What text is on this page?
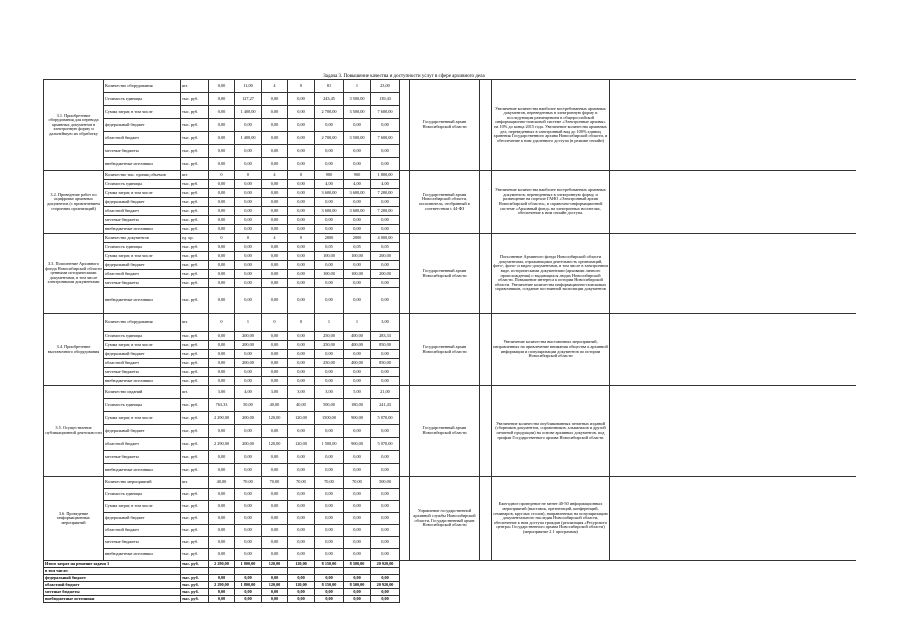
Задача 3. Повышение качества и доступности услуг в сфере архивного дела
3.1. Приобретение оборудования для перевода архивных документов в электронную форму и дальнейшую их обработку	Количество оборудования	шт.	0,00	11,00	4	0	81	1	23,00		Государственный архив Новосибирской области		Увеличение количества наиболее востребованных архивных документов, переведенных в электронную форму и последующим размещением в общероссийской информационно-поисковой системе «Электронные архивы» на 10% до конца 2015 года. Увеличение количества архивных дел, переведенных в электронный вид до 100% единиц хранения Государственного архива Новосибирской области, и обеспечение к ним удаленного доступа (в режиме онлайн)	
	Стоимость единицы	тыс. руб.	0,00	127,27	0,00	0,00	243,45	3 500,00	139,43					
	Сумма затрат, в том числе	тыс. руб.	0,00	1 400,00	0,00	0,00	2 700,00	3 500,00	7 600,00					
	федеральный бюджет	тыс. руб.	0,00	0,00	0,00	0,00	0,00	0,00	0,00					
	областной бюджет	тыс. руб.	0,00	1 400,00	0,00	0,00	2 700,00	3 500,00	7 600,00					
	местные бюджеты	тыс. руб.	0,00	0,00	0,00	0,00	0,00	0,00	0,00					
	внебюджетные источники	тыс. руб.	0,00	0,00	0,00	0,00	0,00	0,00	0,00					
3.2. Проведение работ по оцифровке архивных документов (с привлечением сторонних организаций)	Количество тыс. единиц объемов	шт.	0	0	4	0	900	900	1 800,00		Государственный архив Новосибирской области, исполнитель, отобранный в соответствии с 44-ФЗ		Увеличение количества наиболее востребованных архивных документов, переведенных в электронную форму, и размещение на портале ГАНО «Электронный архив Новосибирской области», в справочно-информационной системе «Архивный фонд» на электронных носителях, обеспечение к ним онлайн доступа.	
	Стоимость единицы	тыс. руб.	0,00	0,00	0,00	0,00	4,00	4,00	4,00					
	Сумма затрат, в том числе	тыс. руб.	0,00	0,00	0,00	0,00	3 600,00	3 600,00	7 200,00					
	федеральный бюджет	тыс. руб.	0,00	0,00	0,00	0,00	0,00	0,00	0,00					
	областной бюджет	тыс. руб.	0,00	0,00	0,00	0,00	3 600,00	3 600,00	7 200,00					
	местные бюджеты	тыс. руб.	0,00	0,00	0,00	0,00	0,00	0,00	0,00					
	внебюджетные источники	тыс. руб.	0,00	0,00	0,00	0,00	0,00	0,00	0,00					
3.3. Пополнение Архивного фонда Новосибирской области ценными историческими документами, в том числе электронными документами	Количество документов	ед. хр.	0	0	4	0	2000	2000	4 000,00		Государственный архив Новосибирской области		Пополнение Архивного фонда Новосибирской области документами, отражающими деятельность организаций, фото-, фоно- и видео-документами, в том числе в электронном виде, историческими документами (архивами личного происхождения) о выдающихся людях Новосибирской области. Повышение интереса к истории Новосибирской области. Увеличение количества информационно-поисковых справочников, создание постоянной экспозиции документов	
	Стоимость единицы	тыс. руб.	0,00	0,00	0,00	0,00	0,05	0,05	0,05					
	Сумма затрат, в том числе	тыс. руб.	0,00	0,00	0,00	0,00	100,00	100,00	200,00					
	федеральный бюджет	тыс. руб.	0,00	0,00	0,00	0,00	0,00	0,00	0,00					
	областной бюджет	тыс. руб.	0,00	0,00	0,00	0,00	100,00	100,00	200,00					
	местные бюджеты	тыс. руб.	0,00	0,00	0,00	0,00	0,00	0,00	0,00					
	внебюджетные источники	тыс. руб.	0,00	0,00	0,00	0,00	0,00	0,00	0,00					
3.4. Приобретение выставочного оборудования	Количество оборудования	шт.	0	1	0	0	1	1	3,00		Государственный архив Новосибирской области		Увеличение количества выставочных мероприятий, направленных на привлечение внимания общества к архивной информации и популяризации документов по истории Новосибирской области	
	Стоимость единицы	тыс. руб.	0,00	200,00	0,00	0,00	250,00	400,00	283,33					
	Сумма затрат, в том числе	тыс. руб.	0,00	200,00	0,00	0,00	250,00	400,00	850,00					
	федеральный бюджет	тыс. руб.	0,00	0,00	0,00	0,00	0,00	0,00	0,00					
	областной бюджет	тыс. руб.	0,00	200,00	0,00	0,00	250,00	400,00	850,00					
	местные бюджеты	тыс. руб.	0,00	0,00	0,00	0,00	0,00	0,00	0,00					
	внебюджетные источники	тыс. руб.	0,00	0,00	0,00	0,00	0,00	0,00	0,00					
3.5. Осуществление публикационной деятельности	Количество изданий	шт.	3,00	4,00	3,00	3,00	3,00	5,00	21,00		Государственный архив Новосибирской области		Увеличение количества опубликованных печатных изданий (сборников документов, справочников, альманахов и другой печатной продукции) на основе архивных документов, под грифом Государственного архива Новосибирской области	
	Стоимость единицы	тыс. руб.	763,33	50,00	40,00	40,00	500,00	180,00	241,43					
	Сумма затрат, в том числе	тыс. руб.	2 290,00	200,00	120,00	120,00	1500,00	900,00	5 070,00					
	федеральный бюджет	тыс. руб.	0,00	0,00	0,00	0,00	0,00	0,00	0,00					
	областной бюджет	тыс. руб.	2 290,00	200,00	120,00	120,00	1 500,00	900,00	5 070,00					
	местные бюджеты	тыс. руб.	0,00	0,00	0,00	0,00	0,00	0,00	0,00					
	внебюджетные источники	тыс. руб.	0,00	0,00	0,00	0,00	0,00	0,00	0,00					
3.6. Проведение информационных мероприятий	Количество мероприятий	шт.	40,00	70,00	70,00	70,00	70,00	70,00	500,00		Управление государственной архивной службы Новосибирской области, Государственный архив Новосибирской области		Ежегодное проведение не менее 40-50 информационных мероприятий (выставок, презентаций, конференций, семинаров, круглых столов), направленных на популяризацию документального наследия Новосибирской области, обеспечение к ним доступа граждан (реализация «Ресурсного центра» Государственного архива Новосибирской области) (мероприятие 2.1 программы)	
	Стоимость единицы	тыс. руб.	0,00	0,00	0,00	0,00	0,00	0,00	0,00					
	Сумма затрат, в том числе	тыс. руб.	0,00	0,00	0,00	0,00	0,00	0,00	0,00					
	федеральный бюджет	тыс. руб.	0,00	0,00	0,00	0,00	0,00	0,00	0,00					
	областной бюджет	тыс. руб.	0,00	0,00	0,00	0,00	0,00	0,00	0,00					
	местные бюджеты	тыс. руб.	0,00	0,00	0,00	0,00	0,00	0,00	0,00					
	внебюджетные источники	тыс. руб.	0,00	0,00	0,00	0,00	0,00	0,00	0,00					
Итого затрат на решение задачи 3		тыс. руб.	2 290,00	1 800,00	120,00	120,00	8 150,00	8 500,00	20 920,00					
в том числе:														
федеральный бюджет		тыс. руб.	0,00	0,00	0,00	0,00	0,00	0,00	0,00					
областной бюджет		тыс. руб.	2 290,00	1 800,00	120,00	120,00	8 150,00	8 500,00	20 920,00					
местные бюджеты		тыс. руб.	0,00	0,00	0,00	0,00	0,00	0,00	0,00					
внебюджетные источники		тыс. руб.	0,00	0,00	0,00	0,00	0,00	0,00	0,00					
